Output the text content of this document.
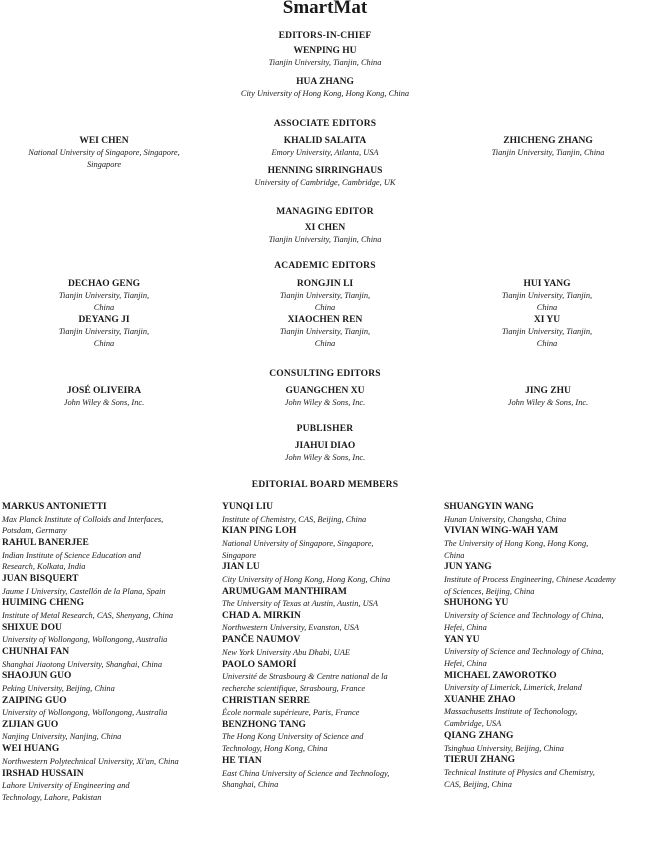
SmartMat
EDITORS-IN-CHIEF
WENPING HU
Tianjin University, Tianjin, China
HUA ZHANG
City University of Hong Kong, Hong Kong, China
ASSOCIATE EDITORS
WEI CHEN
National University of Singapore, Singapore,
Singapore
KHALID SALAITA
Emory University, Atlanta, USA
HENNING SIRRINGHAUS
University of Cambridge, Cambridge, UK
ZHICHENG ZHANG
Tianjin University, Tianjin, China
MANAGING EDITOR
XI CHEN
Tianjin University, Tianjin, China
ACADEMIC EDITORS
DECHAO GENG
Tianjin University, Tianjin,
China
DEYANG JI
Tianjin University, Tianjin,
China
RONGJIN LI
Tianjin University, Tianjin,
China
XIAOCHEN REN
Tianjin University, Tianjin,
China
HUI YANG
Tianjin University, Tianjin,
China
XI YU
Tianjin University, Tianjin,
China
CONSULTING EDITORS
JOSÉ OLIVEIRA
John Wiley & Sons, Inc.
GUANGCHEN XU
John Wiley & Sons, Inc.
JING ZHU
John Wiley & Sons, Inc.
PUBLISHER
JIAHUI DIAO
John Wiley & Sons, Inc.
EDITORIAL BOARD MEMBERS
MARKUS ANTONIETTI
Max Planck Institute of Colloids and Interfaces,
Potsdam, Germany
RAHUL BANERJEE
Indian Institute of Science Education and
Research, Kolkata, India
JUAN BISQUERT
Jaume I University, Castellón de la Plana, Spain
HUIMING CHENG
Institute of Metal Research, CAS, Shenyang, China
SHIXUE DOU
University of Wollongong, Wollongong, Australia
CHUNHAI FAN
Shanghai Jiaotong University, Shanghai, China
SHAOJUN GUO
Peking University, Beijing, China
ZAIPING GUO
University of Wollongong, Wollongong, Australia
ZIJIAN GUO
Nanjing University, Nanjing, China
WEI HUANG
Northwestern Polytechnical University, Xi'an, China
IRSHAD HUSSAIN
Lahore University of Engineering and
Technology, Lahore, Pakistan
YUNQI LIU
Institute of Chemistry, CAS, Beijing, China
KIAN PING LOH
National University of Singapore, Singapore,
Singapore
JIAN LU
City University of Hong Kong, Hong Kong, China
ARUMUGAM MANTHIRAM
The University of Texas at Austin, Austin, USA
CHAD A. MIRKIN
Northwestern University, Evanston, USA
PANČE NAUMOV
New York University Abu Dhabi, UAE
PAOLO SAMORÍ
Université de Strasbourg & Centre national de la
recherche scientifique, Strasbourg, France
CHRISTIAN SERRE
École normale supérieure, Paris, France
BENZHONG TANG
The Hong Kong University of Science and
Technology, Hong Kong, China
HE TIAN
East China University of Science and Technology,
Shanghai, China
SHUANGYIN WANG
Hunan University, Changsha, China
VIVIAN WING-WAH YAM
The University of Hong Kong, Hong Kong,
China
JUN YANG
Institute of Process Engineering, Chinese Academy
of Sciences, Beijing, China
SHUHONG YU
University of Science and Technology of China,
Hefei, China
YAN YU
University of Science and Technology of China,
Hefei, China
MICHAEL ZAWOROTKO
University of Limerick, Limerick, Ireland
XUANHE ZHAO
Massachusetts Institute of Techonology,
Cambridge, USA
QIANG ZHANG
Tsinghua University, Beijing, China
TIERUI ZHANG
Technical Institute of Physics and Chemistry,
CAS, Beijing, China
